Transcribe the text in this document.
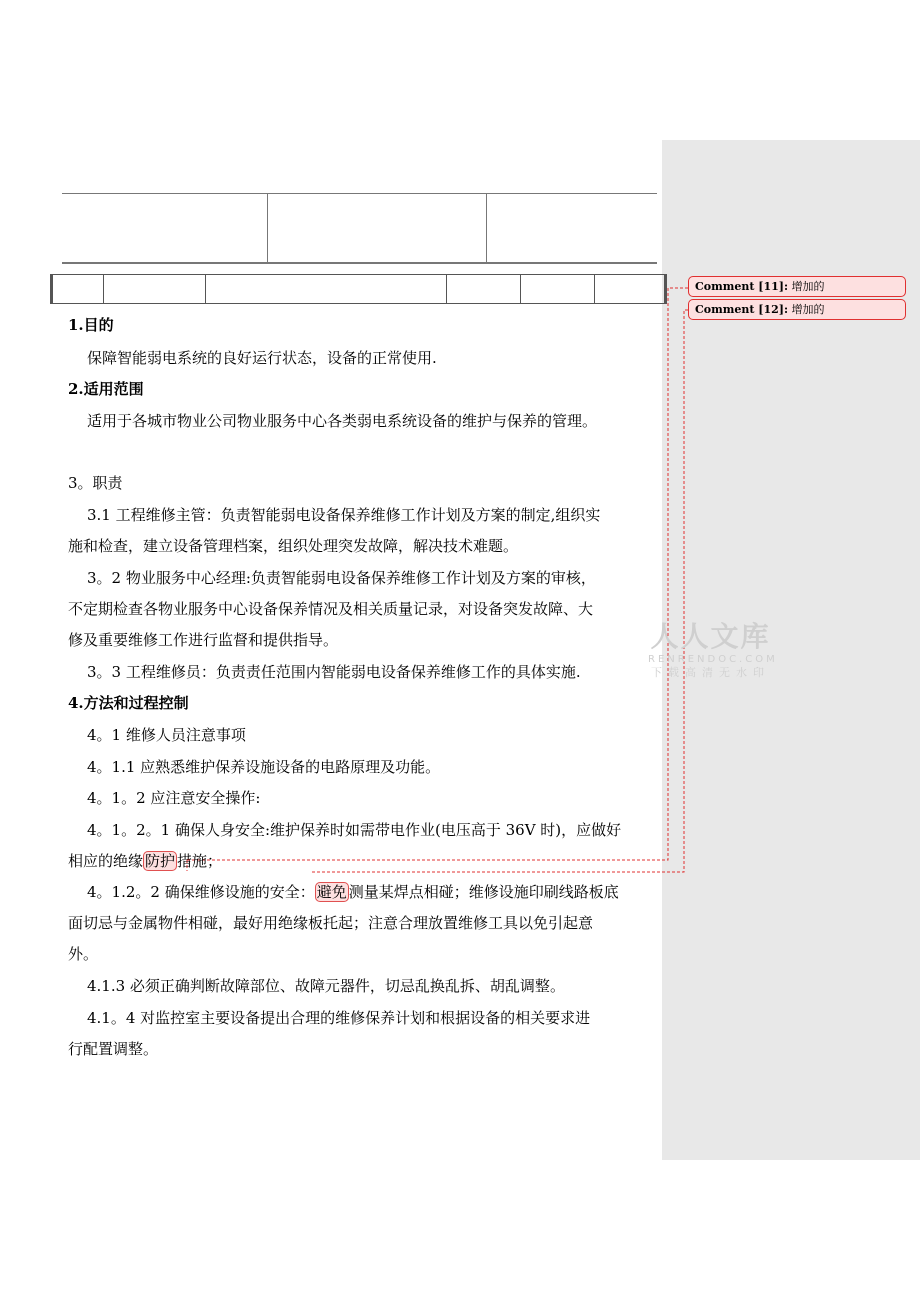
Comment [11]: 增加的
Comment [12]: 增加的
人人文库
RENRENDOC.COM
下载高清无水印
1.目的
保障智能弱电系统的良好运行状态，设备的正常使用.
2.适用范围
适用于各城市物业公司物业服务中心各类弱电系统设备的维护与保养的管理。
3。职责
3.1 工程维修主管：负责智能弱电设备保养维修工作计划及方案的制定,组织实
施和检查，建立设备管理档案，组织处理突发故障，解决技术难题。
3。2 物业服务中心经理:负责智能弱电设备保养维修工作计划及方案的审核，
不定期检查各物业服务中心设备保养情况及相关质量记录，对设备突发故障、大
修及重要维修工作进行监督和提供指导。
3。3 工程维修员：负责责任范围内智能弱电设备保养维修工作的具体实施.
4.方法和过程控制
4。1 维修人员注意事项
4。1.1 应熟悉维护保养设施设备的电路原理及功能。
4。1。2 应注意安全操作:
4。1。2。1 确保人身安全:维护保养时如需带电作业(电压高于 36V 时)，应做好
相应的绝缘 防护 措施；
4。1.2。2 确保维修设施的安全： 避免 测量某焊点相碰；维修设施印刷线路板底
面切忌与金属物件相碰，最好用绝缘板托起；注意合理放置维修工具以免引起意
外。
4.1.3 必须正确判断故障部位、故障元器件，切忌乱换乱拆、胡乱调整。
4.1。4 对监控室主要设备提出合理的维修保养计划和根据设备的相关要求进
行配置调整。
